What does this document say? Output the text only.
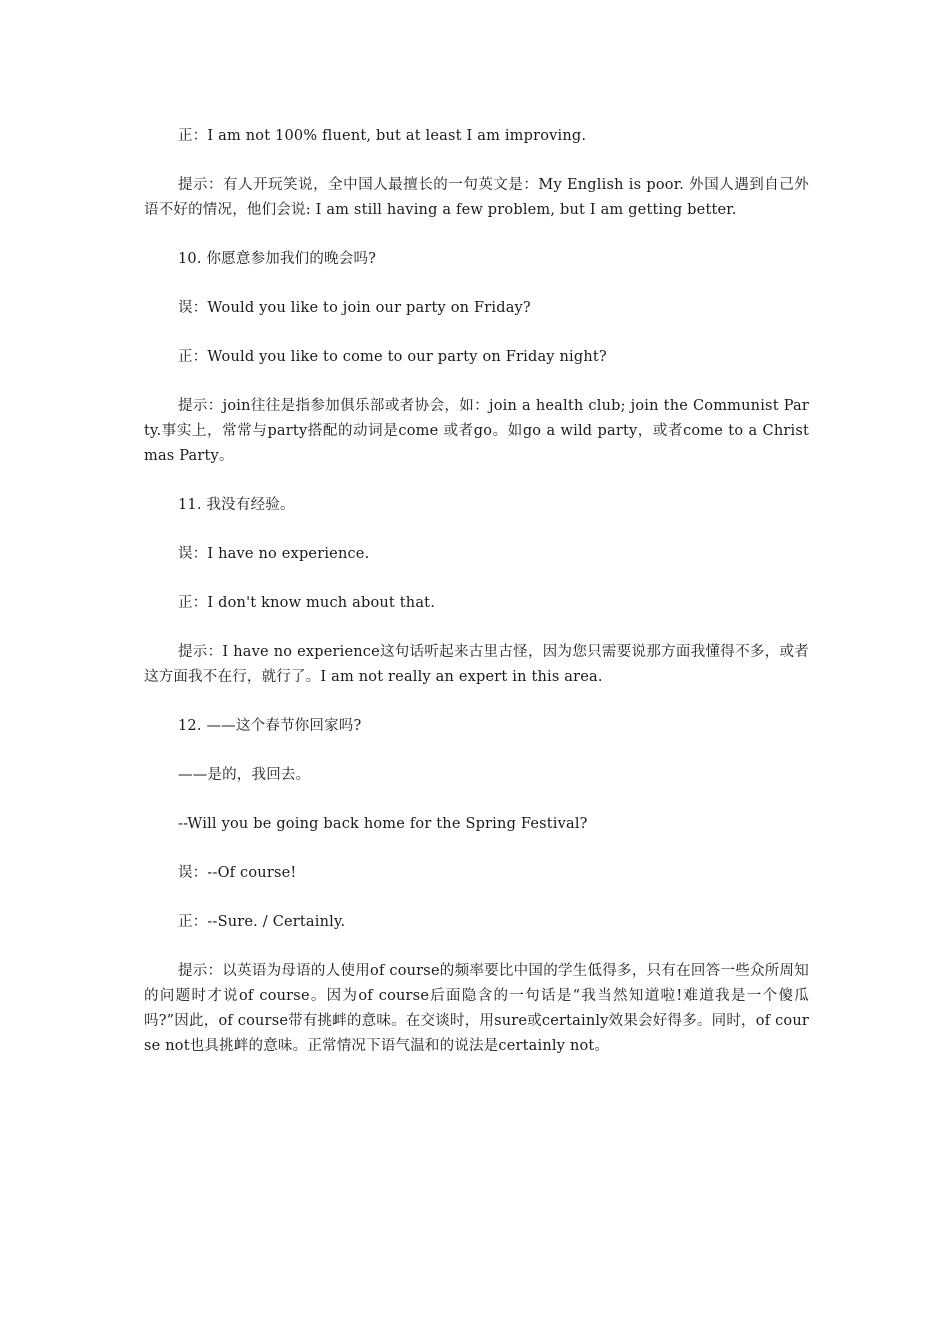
正：I am not 100% fluent, but at least I am improving.

提示：有人开玩笑说，全中国人最擅长的一句英文是：My English is poor. 外国人遇到自己外语不好的情况，他们会说: I am still having a few problem, but I am getting better.

10. 你愿意参加我们的晚会吗?

误：Would you like to join our party on Friday?

正：Would you like to come to our party on Friday night?

提示：join往往是指参加俱乐部或者协会，如：join a health club; join the Communist Party.事实上，常常与party搭配的动词是come 或者go。如go a wild party，或者come to a Christmas Party。

11. 我没有经验。

误：I have no experience.

正：I don't know much about that.

提示：I have no experience这句话听起来古里古怪，因为您只需要说那方面我懂得不多，或者这方面我不在行，就行了。I am not really an expert in this area.

12. ——这个春节你回家吗?

——是的，我回去。

--Will you be going back home for the Spring Festival?

误：--Of course!

正：--Sure. / Certainly.

提示：以英语为母语的人使用of course的频率要比中国的学生低得多，只有在回答一些众所周知的问题时才说of course。因为of course后面隐含的一句话是“我当然知道啦!难道我是一个傻瓜吗?”因此，of course带有挑衅的意味。在交谈时，用sure或certainly效果会好得多。同时，of course not也具挑衅的意味。正常情况下语气温和的说法是certainly not。
